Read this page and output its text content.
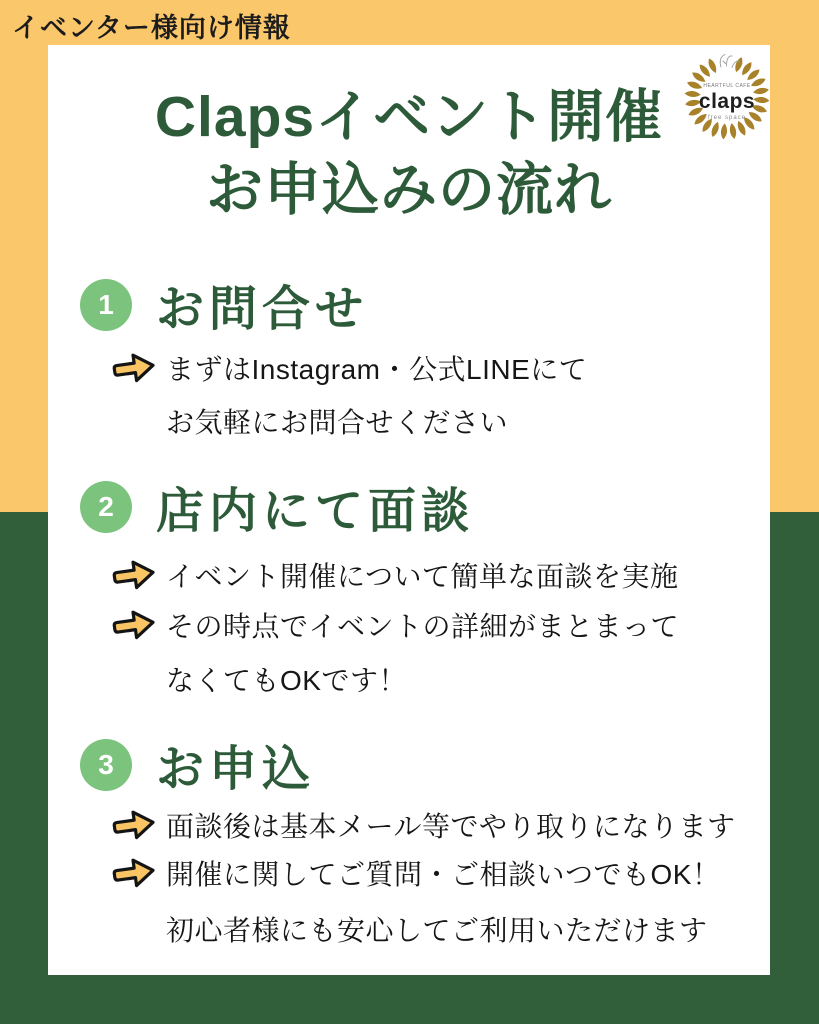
イベンター様向け情報
HEARTFUL CAFE
claps
free space
Clapsイベント開催
お申込みの流れ
1 お問合せ
まずはInstagram・公式LINEにて
お気軽にお問合せください
2 店内にて面談
イベント開催について簡単な面談を実施
その時点でイベントの詳細がまとまって
なくてもOKです！
3 お申込
面談後は基本メール等でやり取りになります
開催に関してご質問・ご相談いつでもOK！
初心者様にも安心してご利用いただけます
